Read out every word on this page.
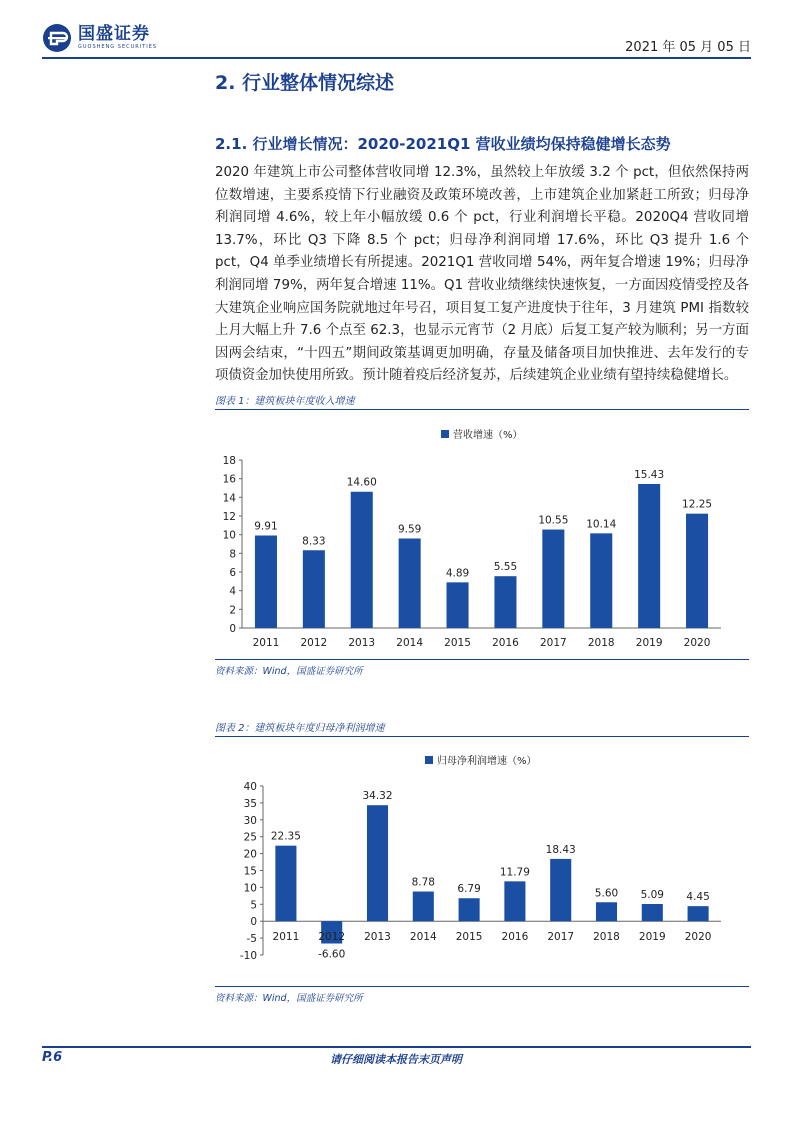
国盛证券
GUOSHENG SECURITIES	2021 年 05 月 05 日
2. 行业整体情况综述
2.1. 行业增长情况：2020-2021Q1 营收业绩均保持稳健增长态势
2020 年建筑上市公司整体营收同增 12.3%，虽然较上年放缓 3.2 个 pct，但依然保持两位数增速，主要系疫情下行业融资及政策环境改善，上市建筑企业加紧赶工所致；归母净利润同增 4.6%，较上年小幅放缓 0.6 个 pct，行业利润增长平稳。2020Q4 营收同增 13.7%，环比 Q3 下降 8.5 个 pct；归母净利润同增 17.6%，环比 Q3 提升 1.6 个 pct，Q4 单季业绩增长有所提速。2021Q1 营收同增 54%，两年复合增速 19%；归母净利润同增 79%，两年复合增速 11%。Q1 营收业绩继续快速恢复，一方面因疫情受控及各大建筑企业响应国务院就地过年号召，项目复工复产进度快于往年，3 月建筑 PMI 指数较上月大幅上升 7.6 个点至 62.3，也显示元宵节（2 月底）后复工复产较为顺利；另一方面因两会结束，“十四五”期间政策基调更加明确，存量及储备项目加快推进、去年发行的专项债资金加快使用所致。预计随着疫后经济复苏，后续建筑企业业绩有望持续稳健增长。
图表 1：建筑板块年度收入增速
营收增速（%）
0
2
4
6
8
10
12
14
16
18
9.91
2011
8.33
2012
14.60
2013
9.59
2014
4.89
2015
5.55
2016
10.55
2017
10.14
2018
15.43
2019
12.25
2020
资料来源：Wind，国盛证券研究所
图表 2：建筑板块年度归母净利润增速
归母净利润增速（%）
-10
-5
0
5
10
15
20
25
30
35
40
22.35
2011
-6.60
2012
34.32
2013
8.78
2014
6.79
2015
11.79
2016
18.43
2017
5.60
2018
5.09
2019
4.45
2020
资料来源：Wind，国盛证券研究所
P.6	请仔细阅读本报告末页声明
